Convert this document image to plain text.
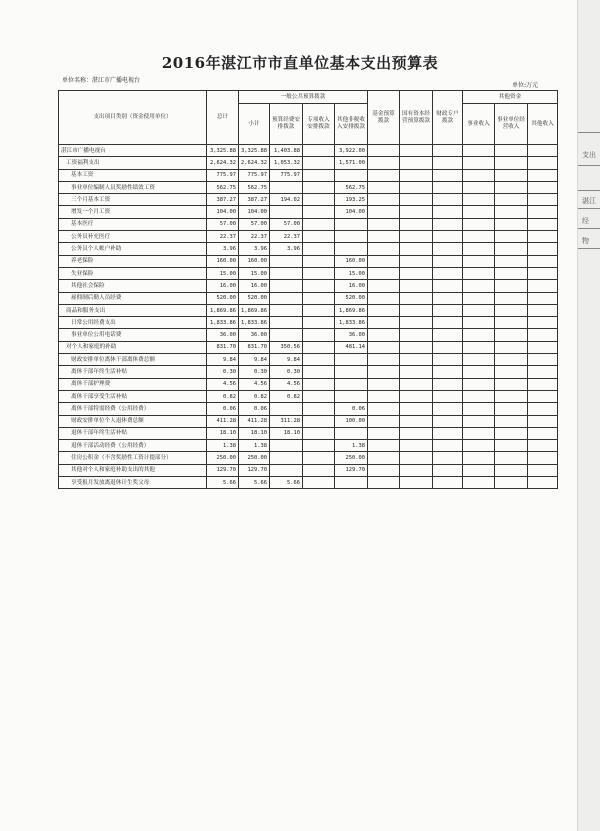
支出
湛江
经
物
2016年湛江市市直单位基本支出预算表
单位名称：湛江市广播电视台
单位:万元
支出项目类别（资金使用单位）	总计	一般公共预算拨款				基金预算拨款	国有资本经营预算拨款	财政专户拨款	其他资金		
		小计	预算经费安排拨款	专项收入安排拨款	其他非税收入安排拨款				事业收入	事业单位经营收入	其他收入
湛江市广播电视台	3,325.88	3,325.88	1,403.88		3,922.00						
工资福利支出	2,624.32	2,624.32	1,053.32		1,571.00						
基本工资	775.97	775.97	775.97								
事业单位编制人员奖励性绩效工资	562.75	562.75			562.75						
三个月基本工资	387.27	387.27	194.02		193.25						
增发一个月工资	104.00	104.00			104.00						
基本医疗	57.00	57.00	57.00								
公务员补充医疗	22.37	22.37	22.37								
公务员个人帐户补助	3.96	3.96	3.96								
养老保险	160.00	160.00			160.00						
失业保险	15.00	15.00			15.00						
其他社会保险	16.00	16.00			16.00						
雇佣制后勤人员经费	520.00	520.00			520.00						
商品和服务支出	1,869.86	1,869.86			1,869.86						
日常公用经费支出	1,833.86	1,833.86			1,833.86						
事业单位公用电话费	36.00	36.00			36.00						
对个人和家庭的补助	831.70	831.70	350.56		481.14						
财政安排单位离休干部离休费总额	9.84	9.84	9.84								
离休干部年终生活补贴	0.30	0.30	0.30								
离休干部护理费	4.56	4.56	4.56								
离休干部享受生活补贴	0.82	0.82	0.82								
离休干部特需经费（公用经费）	0.06	0.06			0.06						
财政安排单位个人退休费总额	411.28	411.28	311.28		100.00						
退休干部年终生活补贴	18.10	18.10	18.10								
退休干部活动经费（公用经费）	1.38	1.38			1.38						
住房公积金（不含奖励性工资计提部分）	250.00	250.00			250.00						
其他对个人和家庭补助支出的其他	129.70	129.70			129.70						
享受报月发放离退休计生奖父母	5.66	5.66	5.66								
